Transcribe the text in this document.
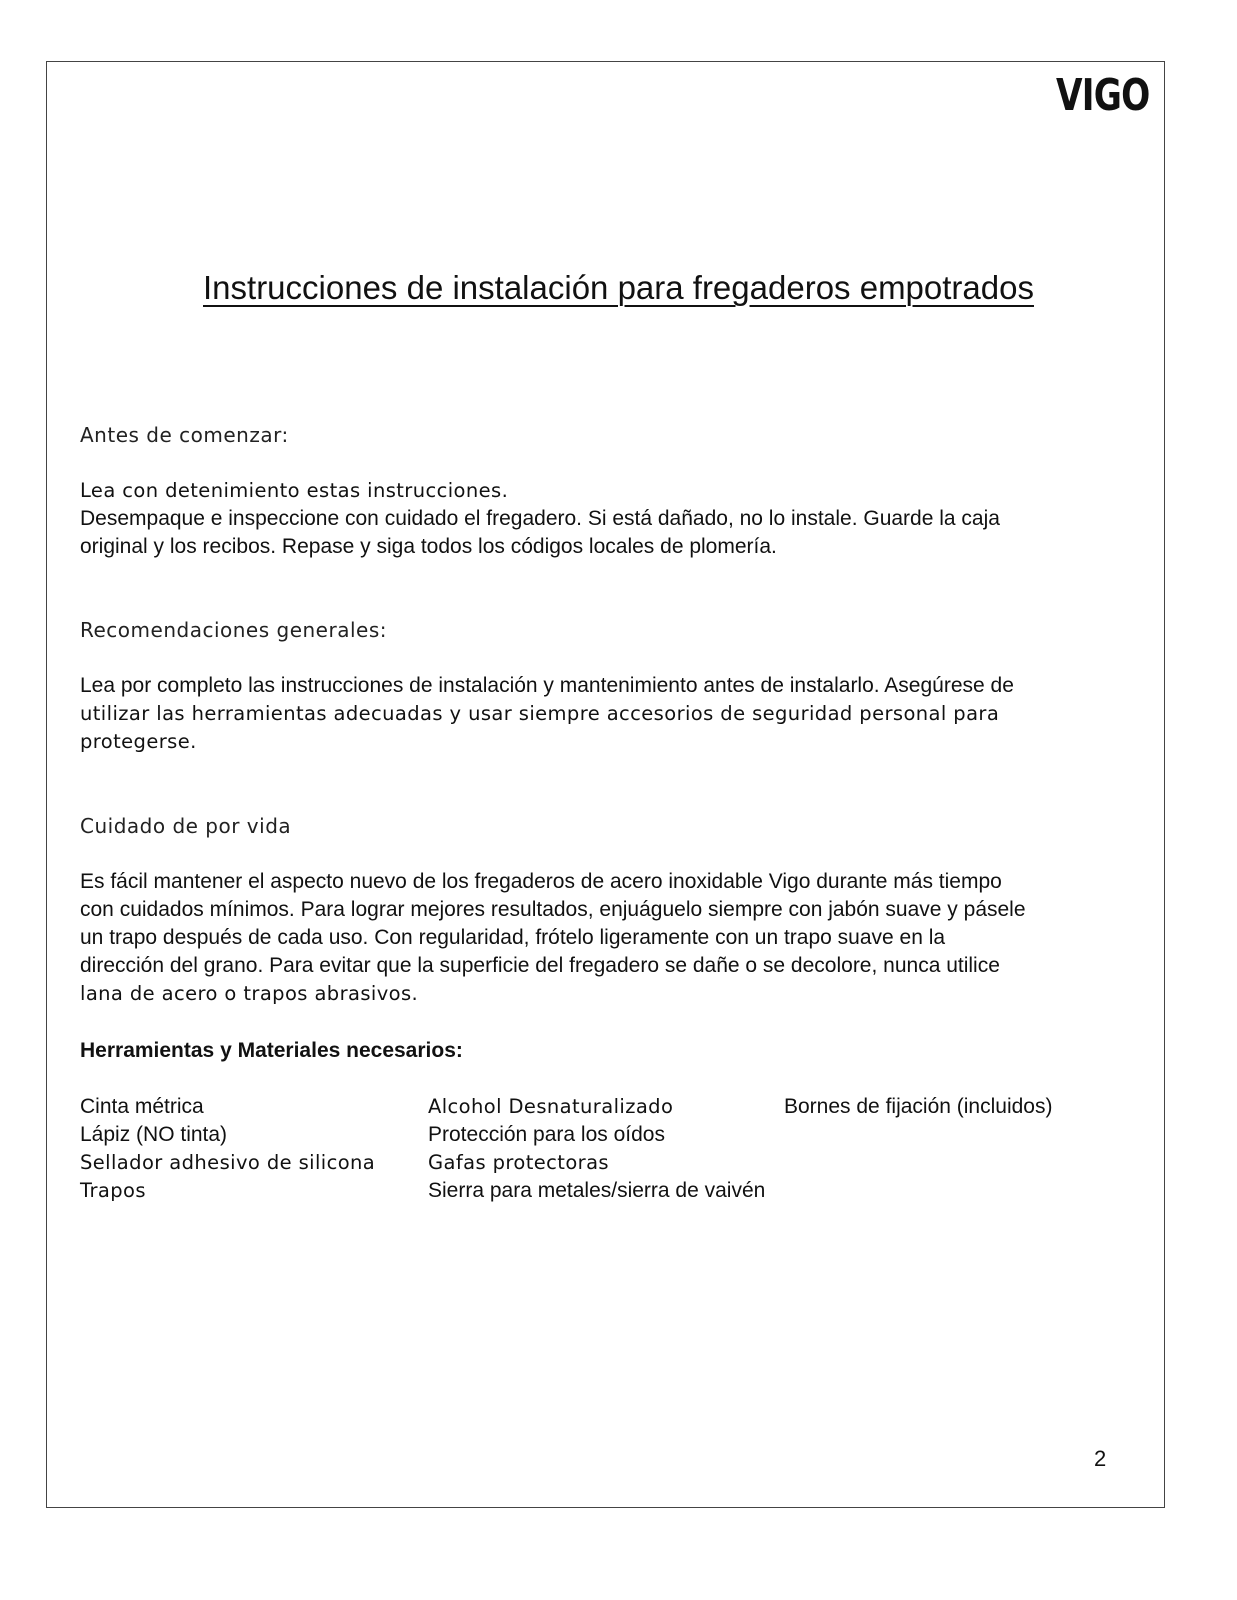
VIGO
Instrucciones de instalación para fregaderos empotrados
Antes de comenzar:
Lea con detenimiento estas instrucciones.
Desempaque e inspeccione con cuidado el fregadero. Si está dañado, no lo instale. Guarde la caja
original y los recibos. Repase y siga todos los códigos locales de plomería.
Recomendaciones generales:
Lea por completo las instrucciones de instalación y mantenimiento antes de instalarlo. Asegúrese de
utilizar las herramientas adecuadas y usar siempre accesorios de seguridad personal para
protegerse.
Cuidado de por vida
Es fácil mantener el aspecto nuevo de los fregaderos de acero inoxidable Vigo durante más tiempo
con cuidados mínimos. Para lograr mejores resultados, enjuáguelo siempre con jabón suave y pásele
un trapo después de cada uso. Con regularidad, frótelo ligeramente con un trapo suave en la
dirección del grano. Para evitar que la superficie del fregadero se dañe o se decolore, nunca utilice
lana de acero o trapos abrasivos.
Herramientas y Materiales necesarios:
Cinta métrica
Lápiz (NO tinta)
Sellador adhesivo de silicona
Trapos
Alcohol Desnaturalizado
Protección para los oídos
Gafas protectoras
Sierra para metales/sierra de vaivén
Bornes de fijación (incluidos)
2
